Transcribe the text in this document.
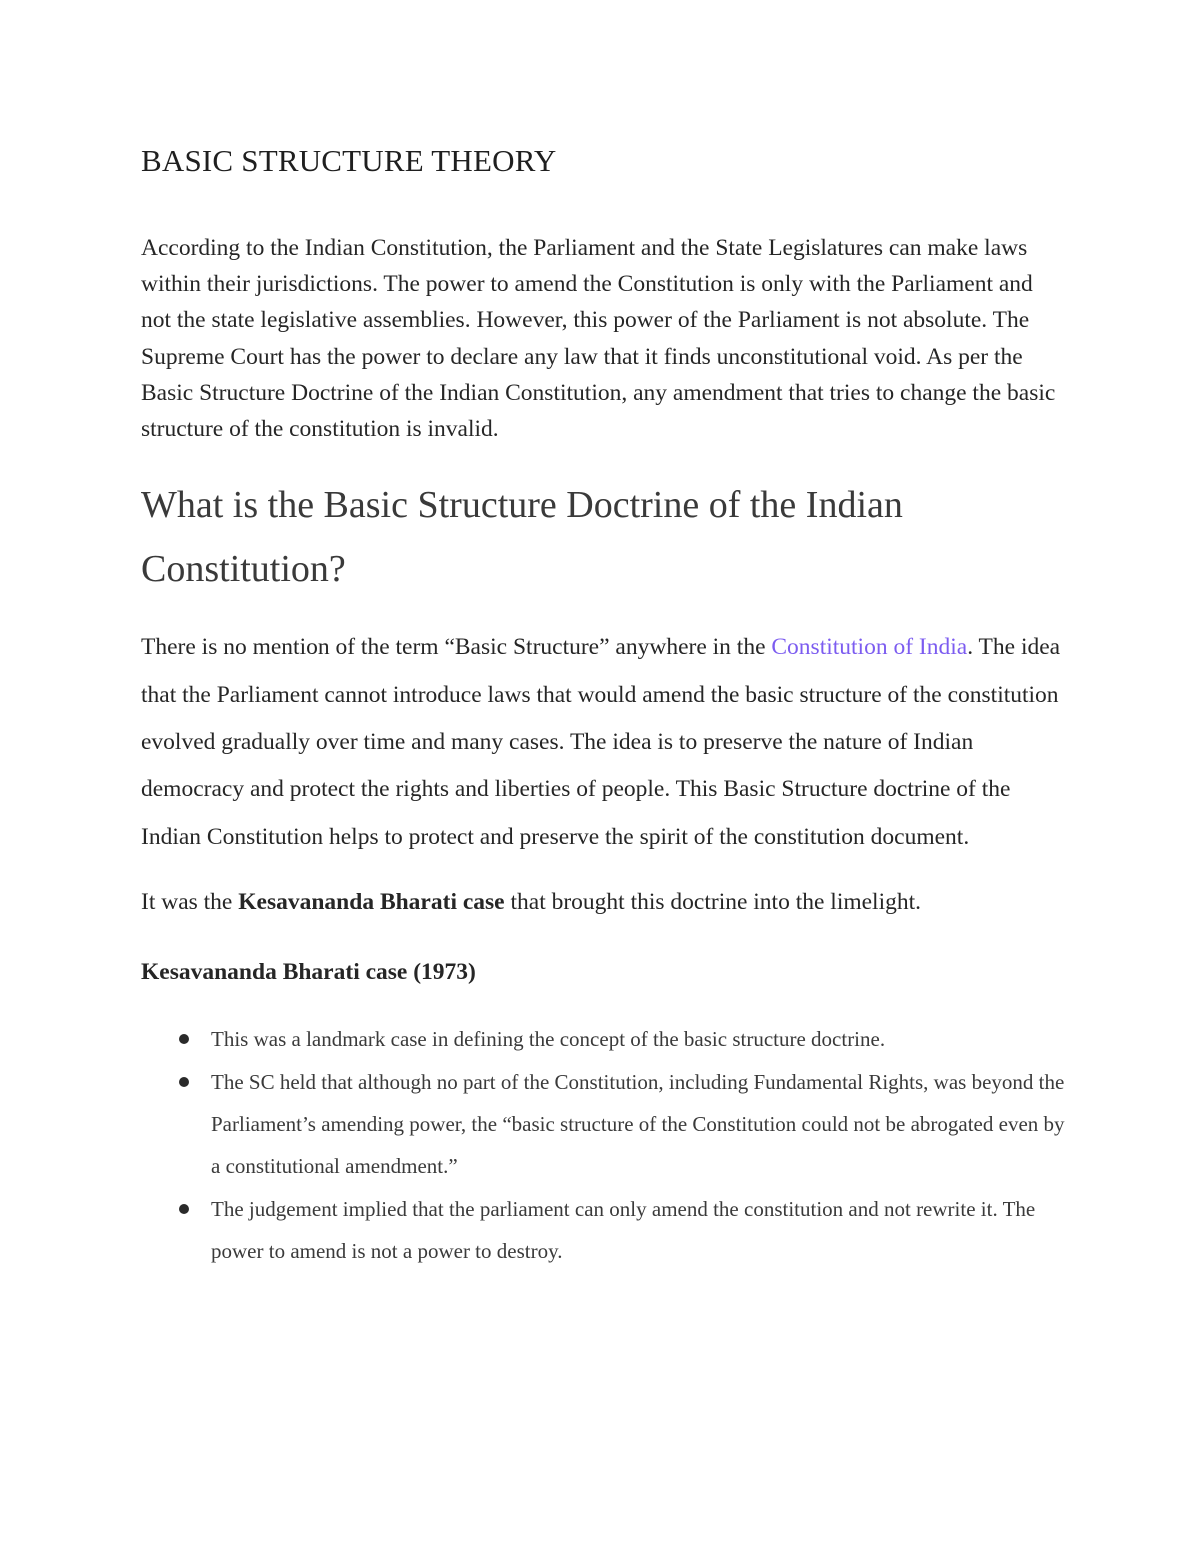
BASIC STRUCTURE THEORY

According to the Indian Constitution, the Parliament and the State Legislatures can make laws within their jurisdictions. The power to amend the Constitution is only with the Parliament and not the state legislative assemblies. However, this power of the Parliament is not absolute. The Supreme Court has the power to declare any law that it finds unconstitutional void. As per the Basic Structure Doctrine of the Indian Constitution, any amendment that tries to change the basic structure of the constitution is invalid.

What is the Basic Structure Doctrine of the Indian Constitution?

There is no mention of the term “Basic Structure” anywhere in the Constitution of India. The idea that the Parliament cannot introduce laws that would amend the basic structure of the constitution evolved gradually over time and many cases. The idea is to preserve the nature of Indian democracy and protect the rights and liberties of people. This Basic Structure doctrine of the Indian Constitution helps to protect and preserve the spirit of the constitution document.

It was the Kesavananda Bharati case that brought this doctrine into the limelight.

Kesavananda Bharati case (1973)
This was a landmark case in defining the concept of the basic structure doctrine.
The SC held that although no part of the Constitution, including Fundamental Rights, was beyond the Parliament’s amending power, the “basic structure of the Constitution could not be abrogated even by a constitutional amendment.”
The judgement implied that the parliament can only amend the constitution and not rewrite it. The power to amend is not a power to destroy.
